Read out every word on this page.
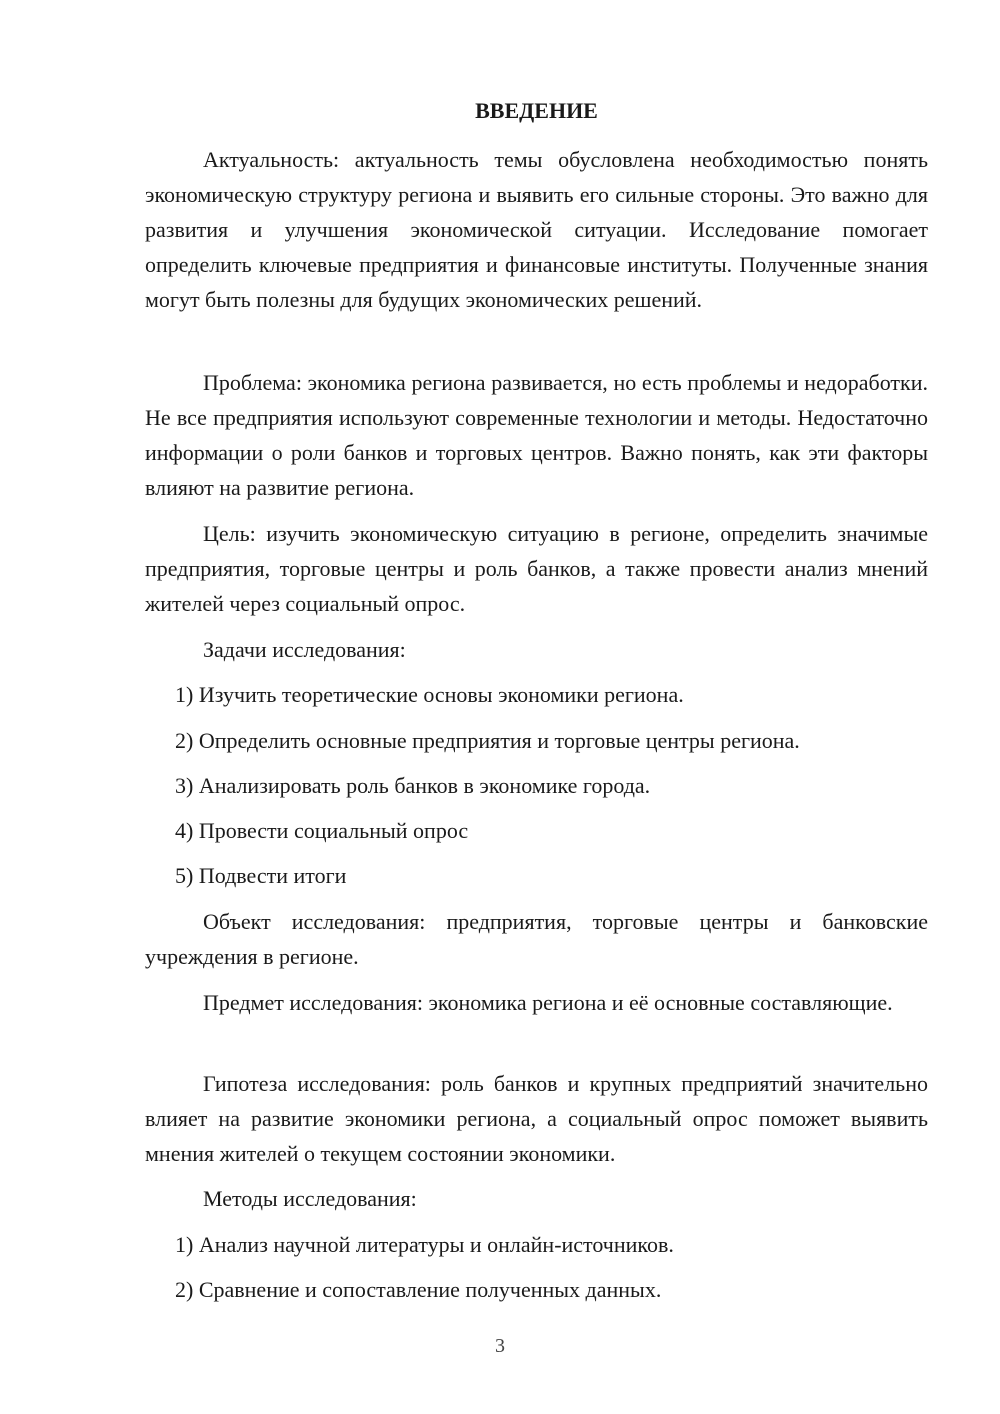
ВВЕДЕНИЕ

Актуальность: актуальность темы обусловлена необходимостью понять экономическую структуру региона и выявить его сильные стороны. Это важно для развития и улучшения экономической ситуации. Исследование помогает определить ключевые предприятия и финансовые институты. Полученные знания могут быть полезны для будущих экономических решений.

Проблема: экономика региона развивается, но есть проблемы и недоработки. Не все предприятия используют современные технологии и методы. Недостаточно информации о роли банков и торговых центров. Важно понять, как эти факторы влияют на развитие региона.

Цель: изучить экономическую ситуацию в регионе, определить значимые предприятия, торговые центры и роль банков, а также провести анализ мнений жителей через социальный опрос.

Задачи исследования:

1) Изучить теоретические основы экономики региона.

2) Определить основные предприятия и торговые центры региона.

3) Анализировать роль банков в экономике города.

4) Провести социальный опрос

5) Подвести итоги

Объект исследования: предприятия, торговые центры и банковские учреждения в регионе.

Предмет исследования: экономика региона и её основные составляющие.

Гипотеза исследования: роль банков и крупных предприятий значительно влияет на развитие экономики региона, а социальный опрос поможет выявить мнения жителей о текущем состоянии экономики.

Методы исследования:

1) Анализ научной литературы и онлайн-источников.

2) Сравнение и сопоставление полученных данных.

3
